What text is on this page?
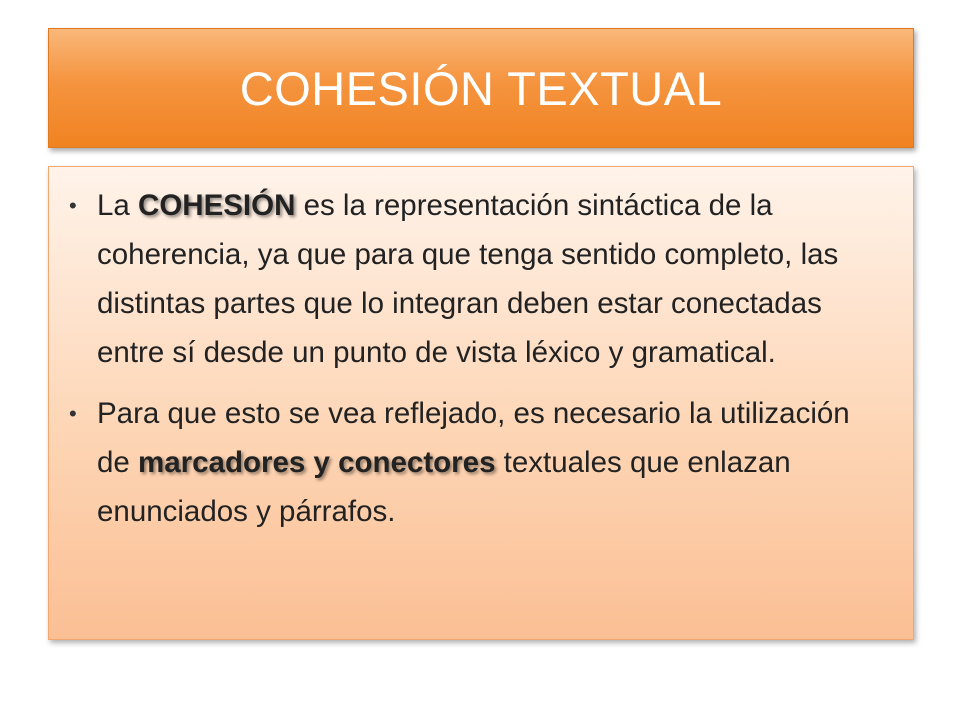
COHESIÓN TEXTUAL
• La COHESIÓN es la representación sintáctica de la coherencia, ya que para que tenga sentido completo, las distintas partes que lo integran deben estar conectadas entre sí desde un punto de vista léxico y gramatical.
• Para que esto se vea reflejado, es necesario la utilización de marcadores y conectores textuales que enlazan enunciados y párrafos.
